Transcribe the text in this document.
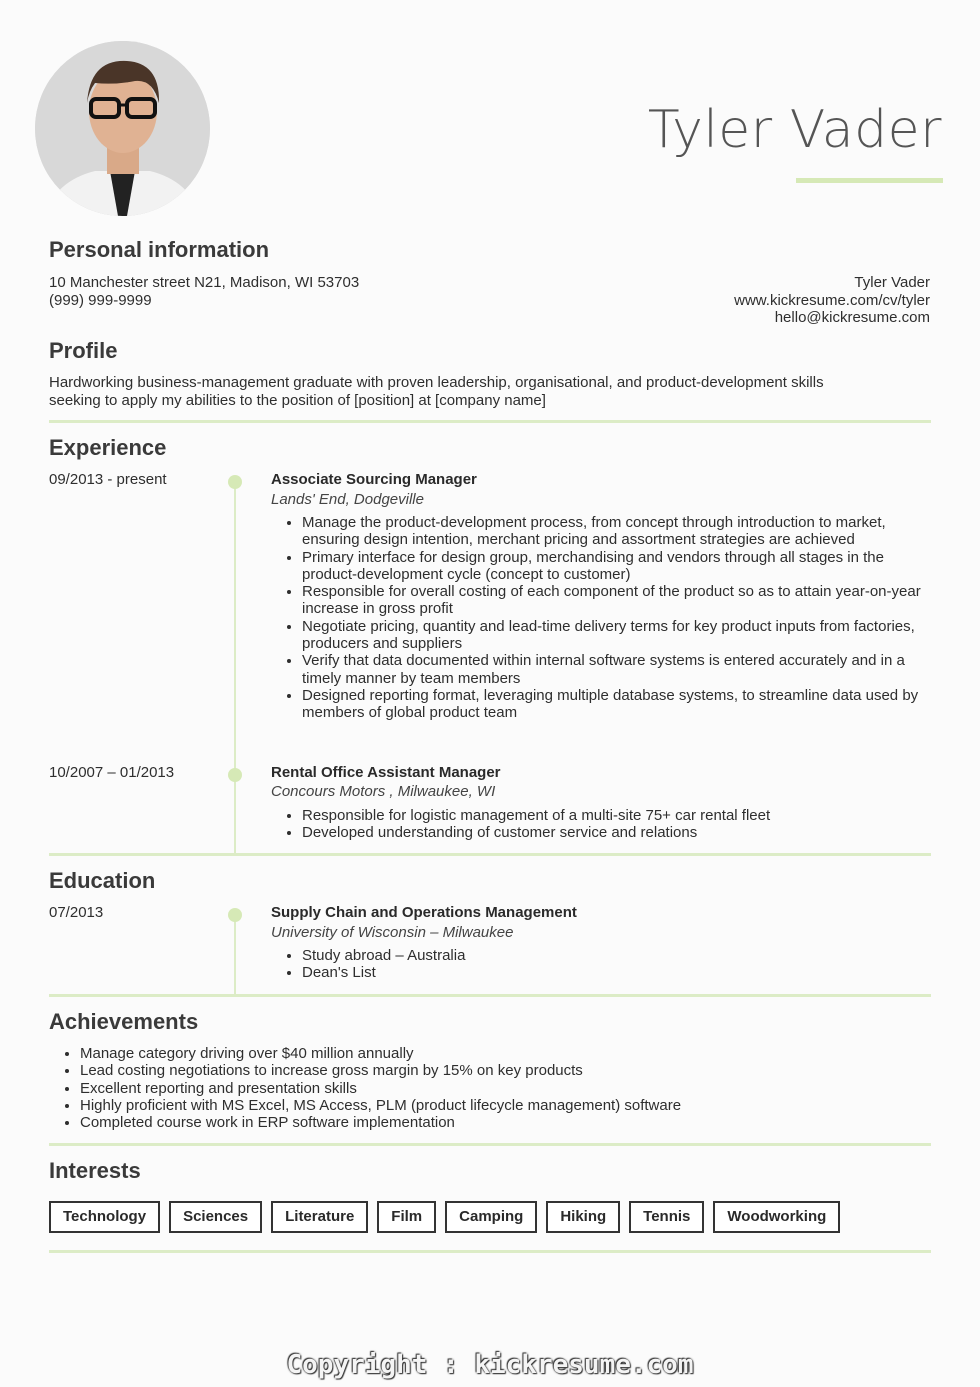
Tyler Vader
Personal information
10 Manchester street N21, Madison, WI 53703
(999) 999-9999
Tyler Vader
www.kickresume.com/cv/tyler
hello@kickresume.com
Profile
Hardworking business-management graduate with proven leadership, organisational, and product-development skills
seeking to apply my abilities to the position of [position] at [company name]
Experience
09/2013 - present	Associate Sourcing Manager
Lands' End, Dodgeville
• Manage the product-development process, from concept through introduction to market, ensuring design intention, merchant pricing and assortment strategies are achieved
• Primary interface for design group, merchandising and vendors through all stages in the product-development cycle (concept to customer)
• Responsible for overall costing of each component of the product so as to attain year-on-year increase in gross profit
• Negotiate pricing, quantity and lead-time delivery terms for key product inputs from factories, producers and suppliers
• Verify that data documented within internal software systems is entered accurately and in a timely manner by team members
• Designed reporting format, leveraging multiple database systems, to streamline data used by members of global product team
10/2007 – 01/2013	Rental Office Assistant Manager
Concours Motors , Milwaukee, WI
• Responsible for logistic management of a multi-site 75+ car rental fleet
• Developed understanding of customer service and relations
Education
07/2013	Supply Chain and Operations Management
University of Wisconsin – Milwaukee
• Study abroad – Australia
• Dean's List
Achievements
• Manage category driving over $40 million annually
• Lead costing negotiations to increase gross margin by 15% on key products
• Excellent reporting and presentation skills
• Highly proficient with MS Excel, MS Access, PLM (product lifecycle management) software
• Completed course work in ERP software implementation
Interests
Technology	Sciences	Literature	Film	Camping	Hiking	Tennis	Woodworking
Copyright : kickresume.com
